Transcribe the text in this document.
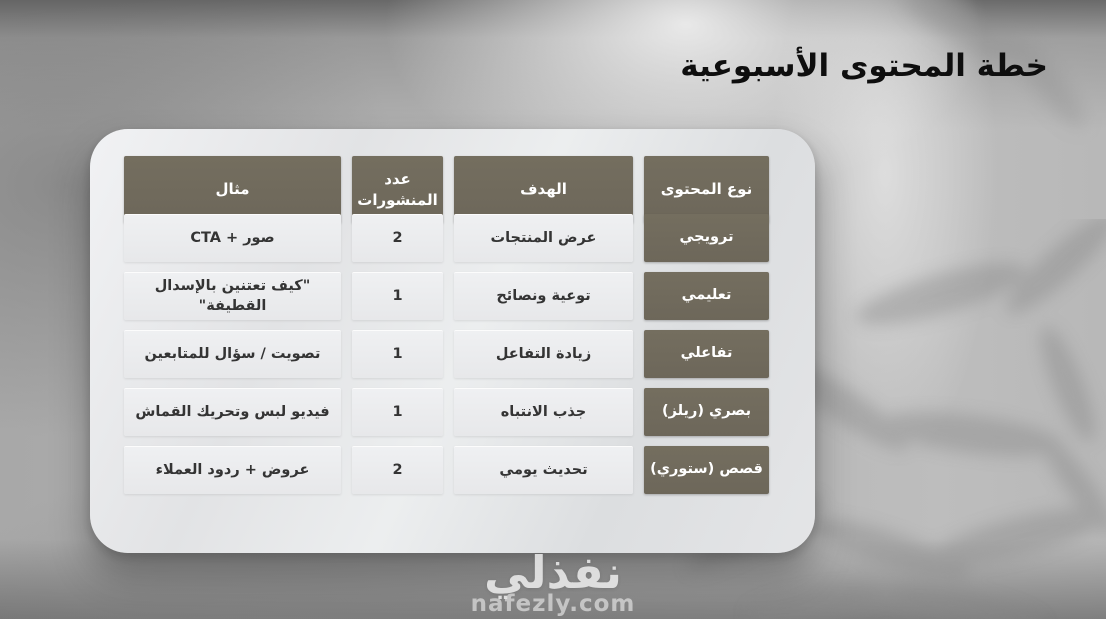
خطة المحتوى الأسبوعية
نوع المحتوى
الهدف
عدد المنشورات
مثال
ترويجي
عرض المنتجات
2
صور + CTA
تعليمي
توعية ونصائح
1
"كيف تعتنين بالإسدال القطيفة"
تفاعلي
زيادة التفاعل
1
تصويت / سؤال للمتابعين
بصري (ريلز)
جذب الانتباه
1
فيديو لبس وتحريك القماش
قصص (ستوري)
تحديث يومي
2
عروض + ردود العملاء
نفذلي
nafezly.com
